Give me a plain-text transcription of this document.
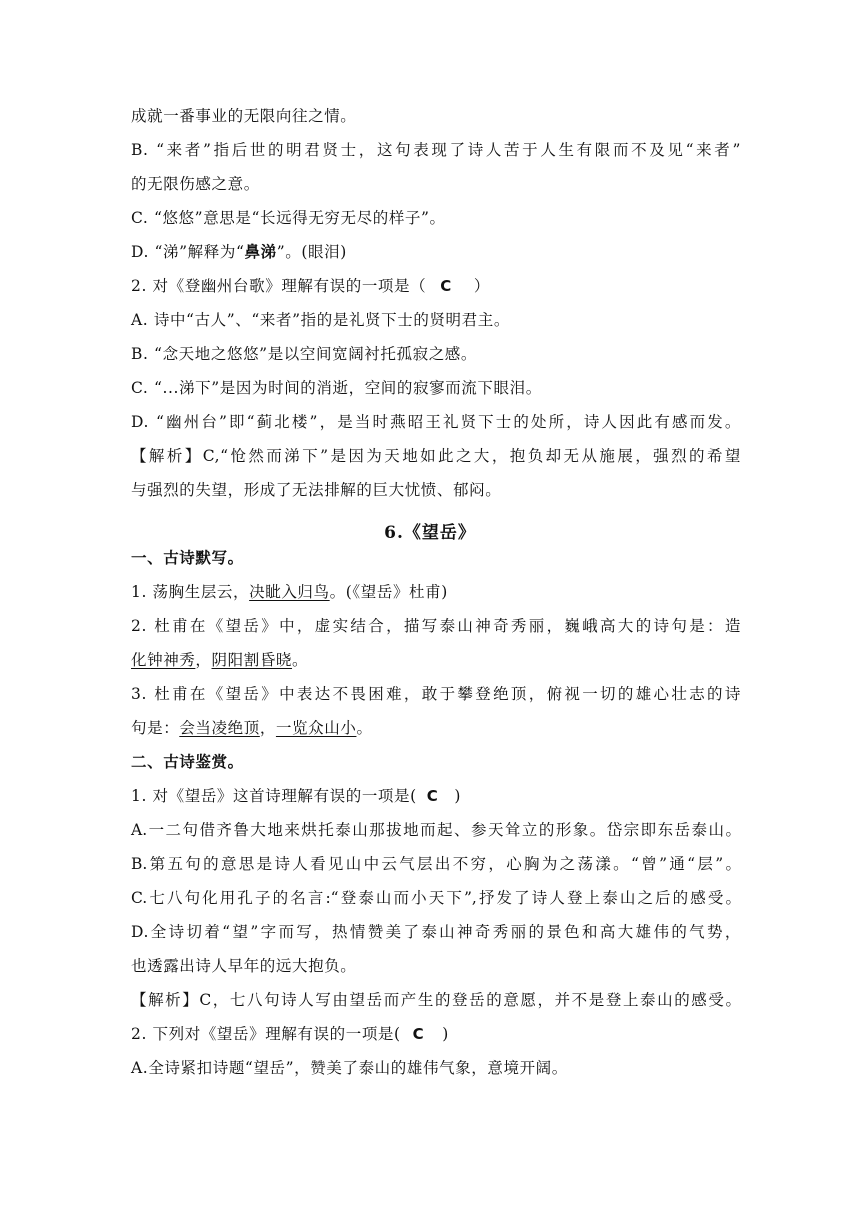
成就一番事业的无限向往之情。
B. “来者”指后世的明君贤士，这句表现了诗人苦于人生有限而不及见“来者”
的无限伤感之意。
C. “悠悠”意思是“长远得无穷无尽的样子”。
D. “涕”解释为“鼻涕”。(眼泪)
2. 对《登幽州台歌》理解有误的一项是（ C ）
A. 诗中“古人”、“来者”指的是礼贤下士的贤明君主。
B. “念天地之悠悠”是以空间宽阔衬托孤寂之感。
C. “...涕下”是因为时间的消逝，空间的寂寥而流下眼泪。
D. “幽州台”即“蓟北楼”，是当时燕昭王礼贤下士的处所，诗人因此有感而发。
【解析】C,“怆然而涕下”是因为天地如此之大，抱负却无从施展，强烈的希望
与强烈的失望，形成了无法排解的巨大忧愤、郁闷。
6.《望岳》
一、古诗默写。
1. 荡胸生层云，决眦入归鸟。(《望岳》杜甫)
2. 杜甫在《望岳》中，虚实结合，描写泰山神奇秀丽，巍峨高大的诗句是：造
化钟神秀，阴阳割昏晓。
3. 杜甫在《望岳》中表达不畏困难，敢于攀登绝顶，俯视一切的雄心壮志的诗
句是：会当凌绝顶，一览众山小。
二、古诗鉴赏。
1. 对《望岳》这首诗理解有误的一项是( C )
A.一二句借齐鲁大地来烘托泰山那拔地而起、参天耸立的形象。岱宗即东岳泰山。
B.第五句的意思是诗人看见山中云气层出不穷，心胸为之荡漾。“曾”通“层”。
C.七八句化用孔子的名言:“登泰山而小天下”,抒发了诗人登上泰山之后的感受。
D.全诗切着“望”字而写，热情赞美了泰山神奇秀丽的景色和高大雄伟的气势，
也透露出诗人早年的远大抱负。
【解析】C，七八句诗人写由望岳而产生的登岳的意愿，并不是登上泰山的感受。
2. 下列对《望岳》理解有误的一项是( C )
A.全诗紧扣诗题“望岳”，赞美了泰山的雄伟气象，意境开阔。
